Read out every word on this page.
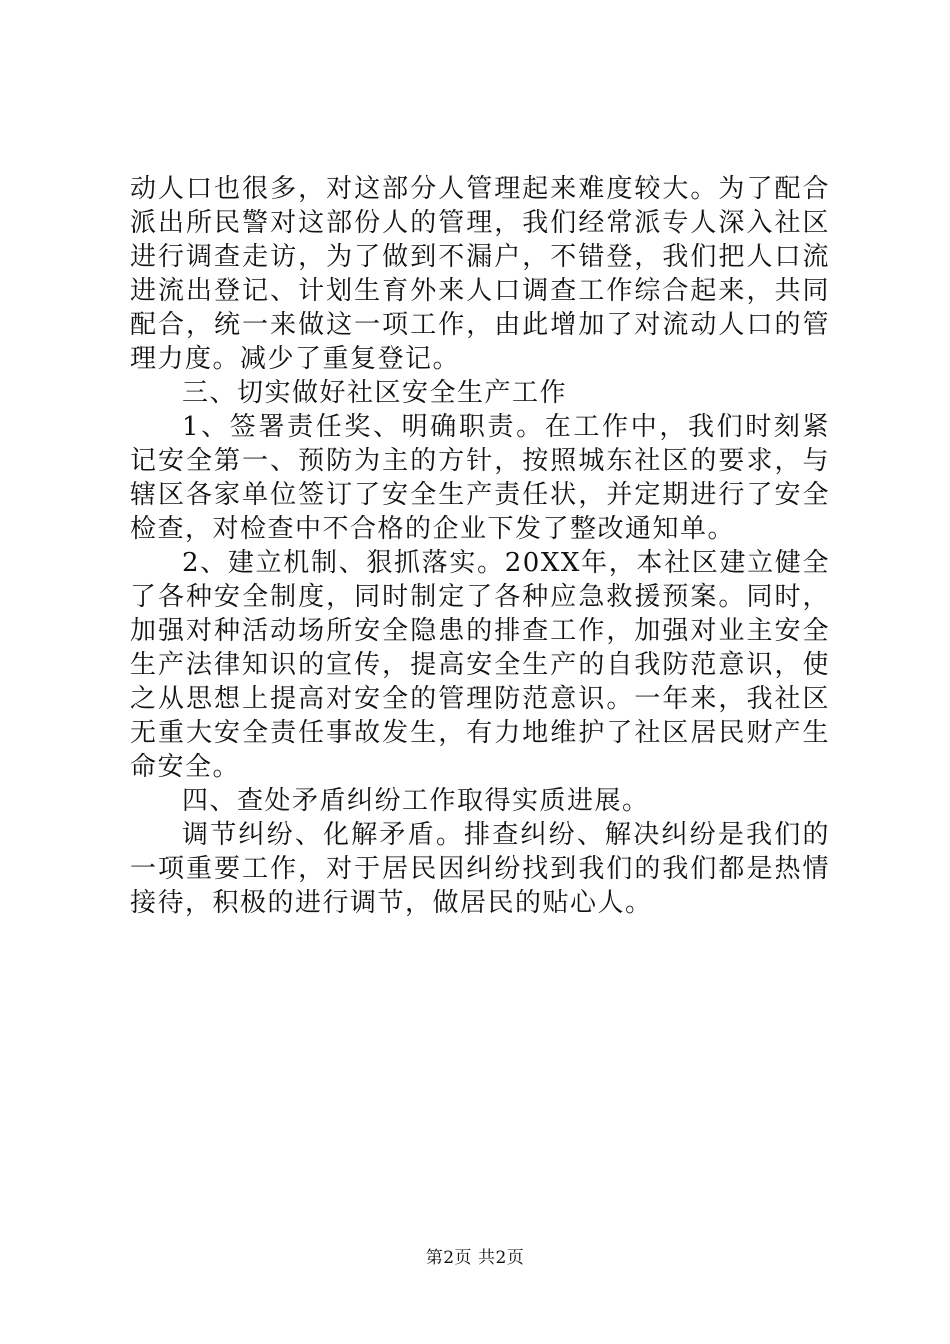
动人口也很多，对这部分人管理起来难度较大。为了配合派出所民警对这部份人的管理，我们经常派专人深入社区进行调查走访，为了做到不漏户，不错登，我们把人口流进流出登记、计划生育外来人口调查工作综合起来，共同配合，统一来做这一项工作，由此增加了对流动人口的管理力度。减少了重复登记。

三、切实做好社区安全生产工作

1、签署责任奖、明确职责。在工作中，我们时刻紧记安全第一、预防为主的方针，按照城东社区的要求，与辖区各家单位签订了安全生产责任状，并定期进行了安全检查，对检查中不合格的企业下发了整改通知单。

2、建立机制、狠抓落实。20XX年，本社区建立健全了各种安全制度，同时制定了各种应急救援预案。同时，加强对种活动场所安全隐患的排查工作，加强对业主安全生产法律知识的宣传，提高安全生产的自我防范意识，使之从思想上提高对安全的管理防范意识。一年来，我社区无重大安全责任事故发生，有力地维护了社区居民财产生命安全。

四、查处矛盾纠纷工作取得实质进展。

调节纠纷、化解矛盾。排查纠纷、解决纠纷是我们的一项重要工作，对于居民因纠纷找到我们的我们都是热情接待，积极的进行调节，做居民的贴心人。

第2页 共2页
